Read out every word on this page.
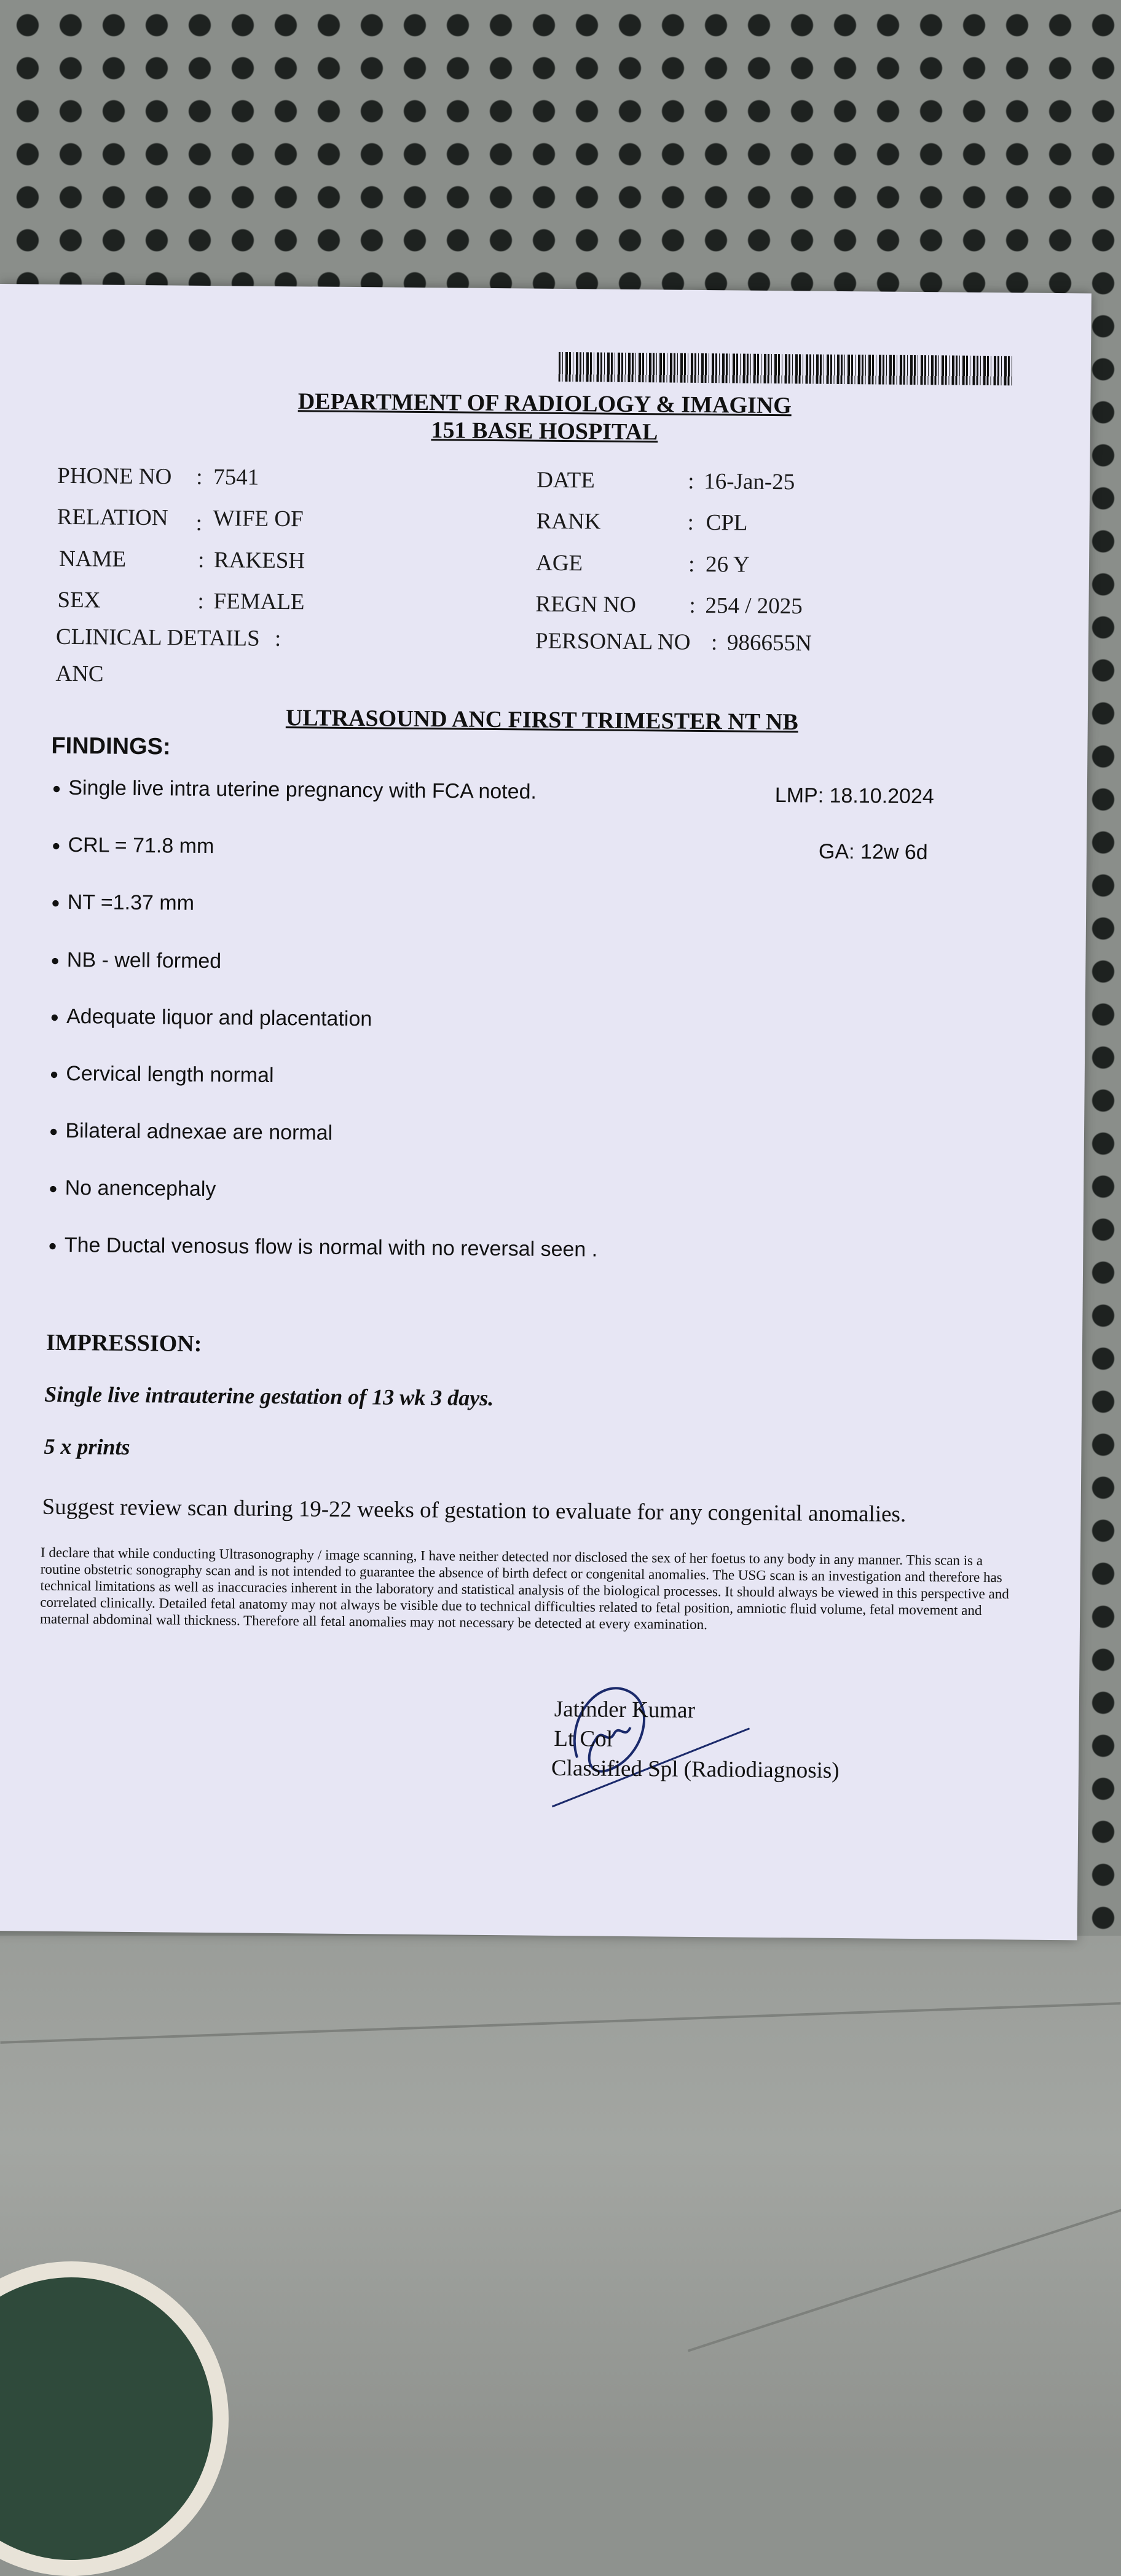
DEPARTMENT OF RADIOLOGY & IMAGING
151 BASE HOSPITAL
PHONE NO : 7541
RELATION : WIFE OF
NAME	: RAKESH
SEX	: FEMALE
CLINICAL DETAILS :
ANC
DATE	: 16-Jan-25
RANK	: CPL
AGE	: 26 Y
REGN NO : 254 / 2025
PERSONAL NO : 986655N
ULTRASOUND ANC FIRST TRIMESTER NT NB
FINDINGS:
● Single live intra uterine pregnancy with FCA noted.
● CRL = 71.8 mm
● NT =1.37 mm
● NB - well formed
● Adequate liquor and placentation
● Cervical length normal
● Bilateral adnexae are normal
● No anencephaly
● The Ductal venosus flow is normal with no reversal seen .
LMP: 18.10.2024
GA: 12w 6d
IMPRESSION:
Single live intrauterine gestation of 13 wk 3 days.
5 x prints
Suggest review scan during 19-22 weeks of gestation to evaluate for any congenital anomalies.
I declare that while conducting Ultrasonography / image scanning, I have neither detected nor disclosed the sex of her foetus to any body in any manner. This scan is a routine obstetric sonography scan and is not intended to guarantee the absence of birth defect or congenital anomalies. The USG scan is an investigation and therefore has technical limitations as well as inaccuracies inherent in the laboratory and statistical analysis of the biological processes. It should always be viewed in this perspective and correlated clinically. Detailed fetal anatomy may not always be visible due to technical difficulties related to fetal position, amniotic fluid volume, fetal movement and maternal abdominal wall thickness. Therefore all fetal anomalies may not necessary be detected at every examination.
Jatinder Kumar
Lt Col
Classified Spl (Radiodiagnosis)
